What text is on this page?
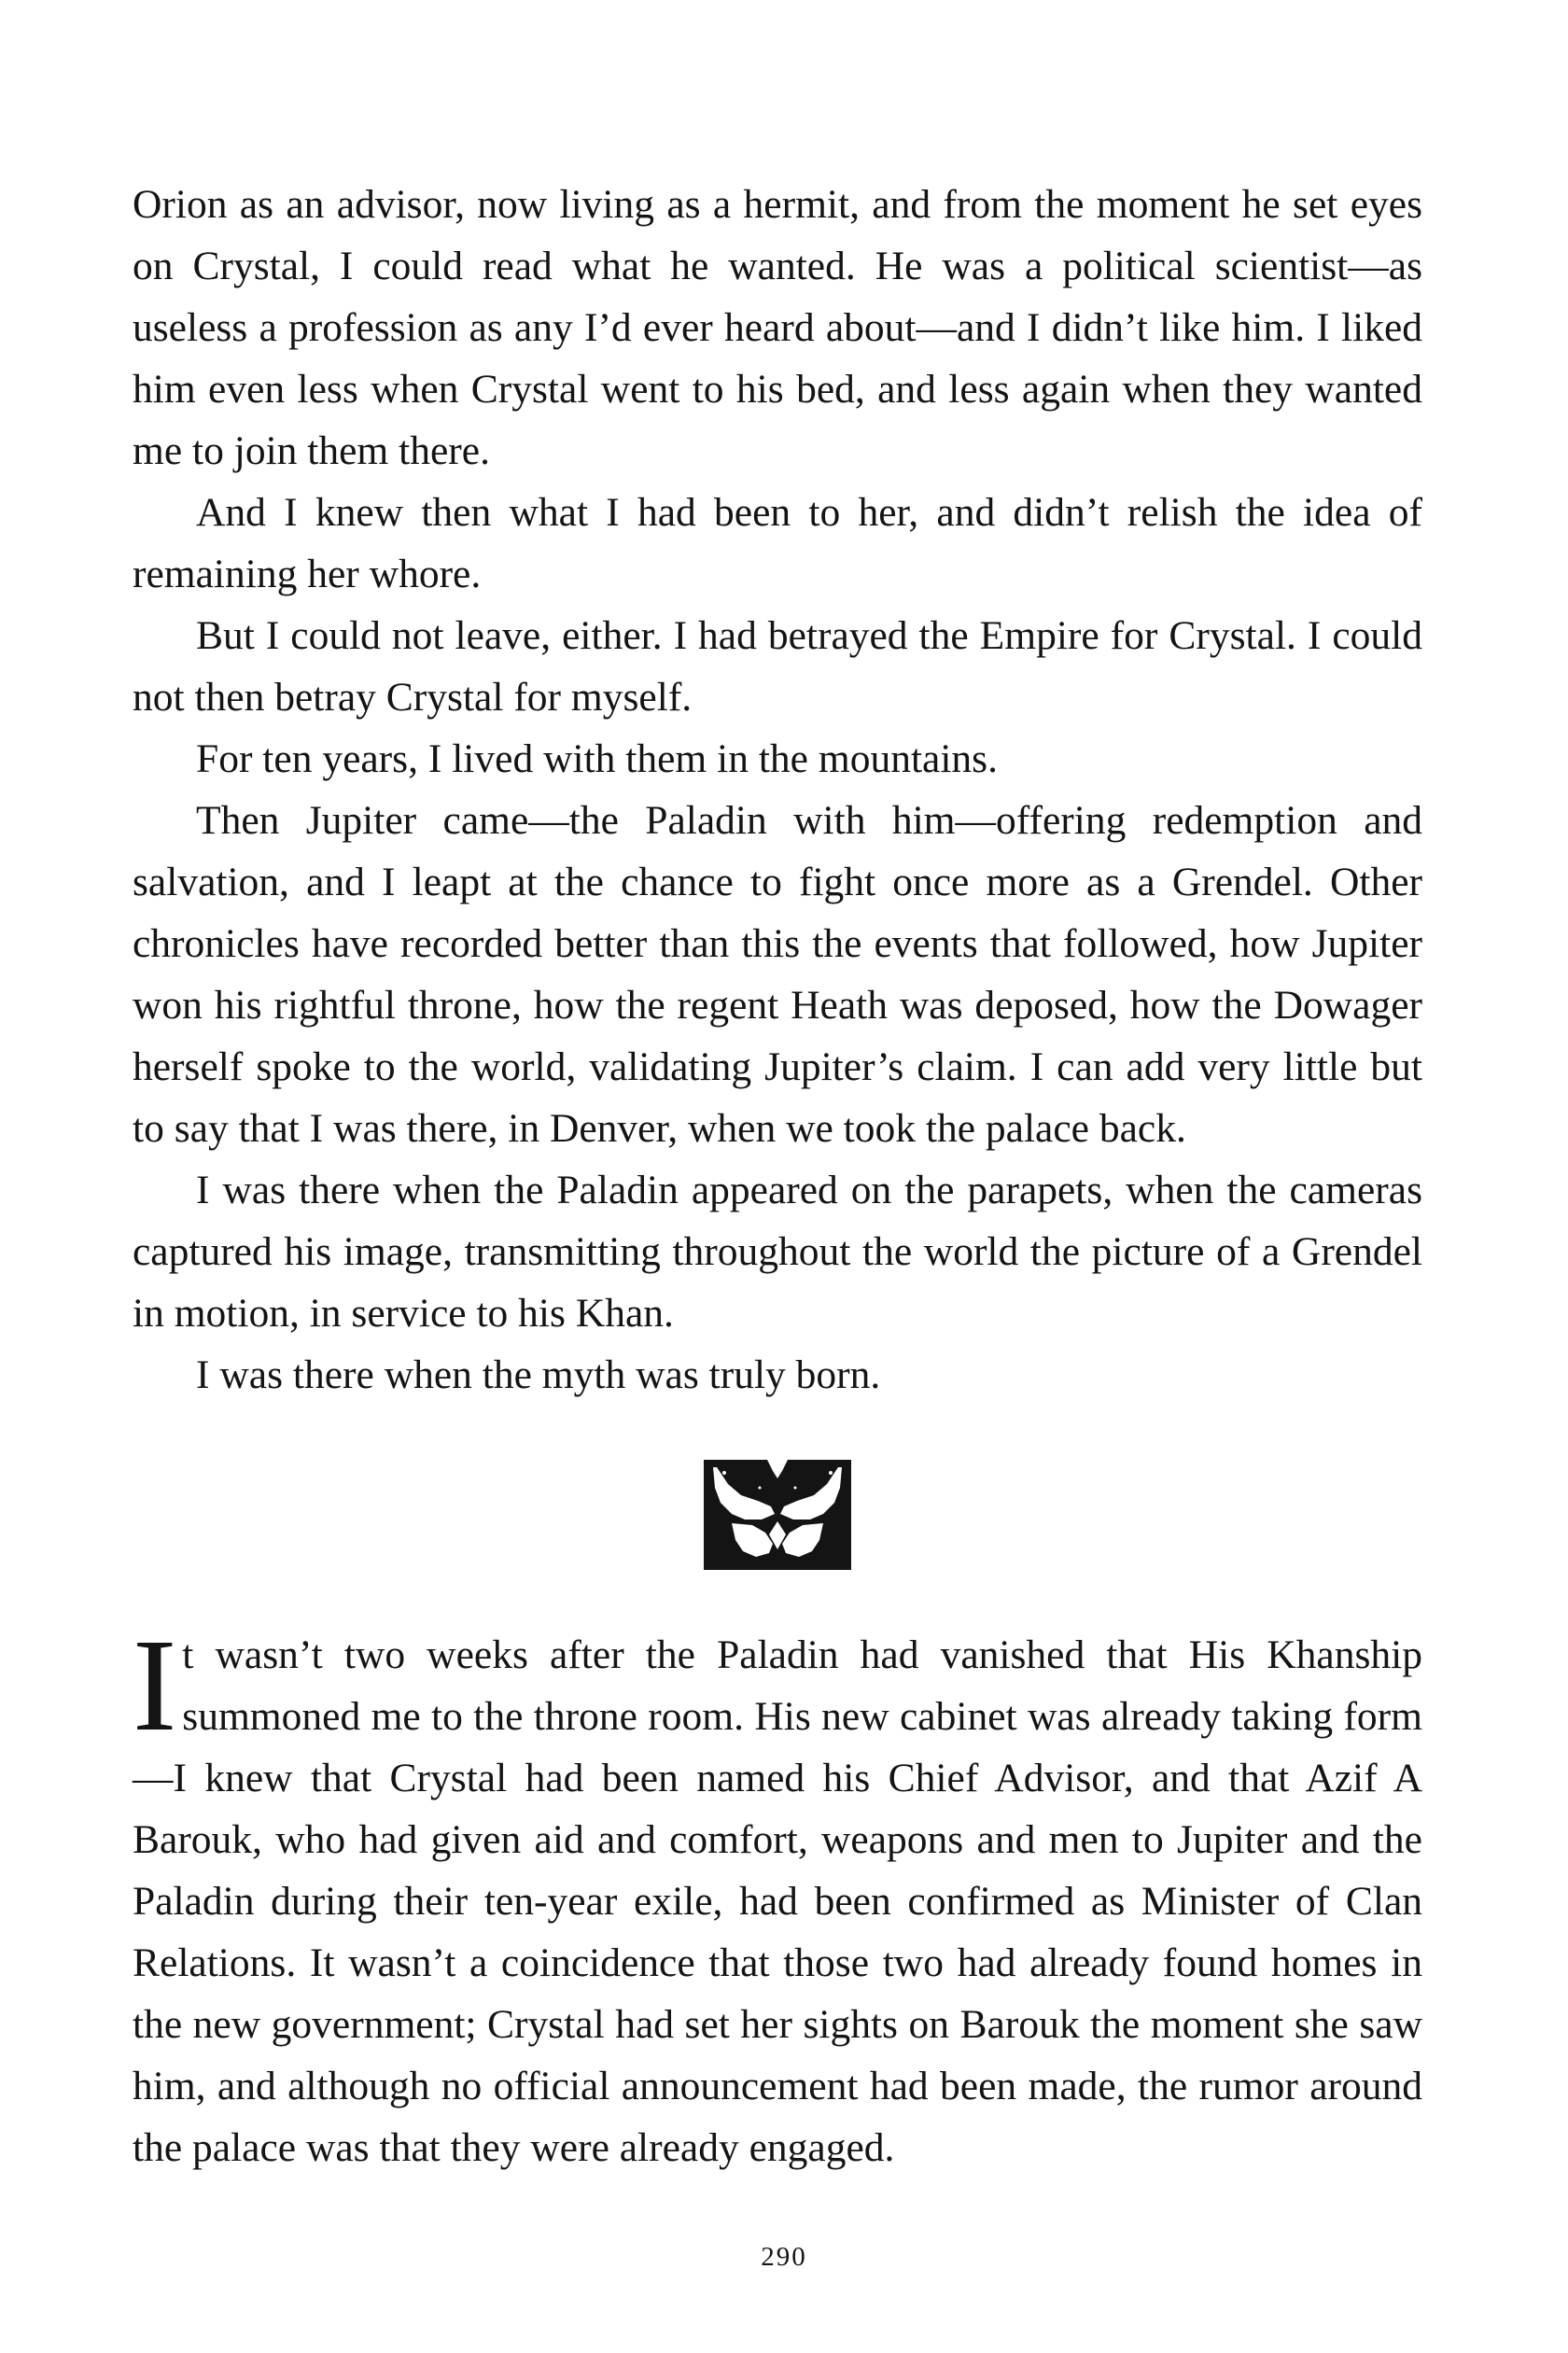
Orion as an advisor, now living as a hermit, and from the moment he set eyes on Crystal, I could read what he wanted. He was a political scientist—as useless a profession as any I’d ever heard about—and I didn’t like him. I liked him even less when Crystal went to his bed, and less again when they wanted me to join them there.

And I knew then what I had been to her, and didn’t relish the idea of remaining her whore.

But I could not leave, either. I had betrayed the Empire for Crystal. I could not then betray Crystal for myself.

For ten years, I lived with them in the mountains.

Then Jupiter came—the Paladin with him—offering redemption and salvation, and I leapt at the chance to fight once more as a Grendel. Other chronicles have recorded better than this the events that followed, how Jupiter won his rightful throne, how the regent Heath was deposed, how the Dowager herself spoke to the world, validating Jupiter’s claim. I can add very little but to say that I was there, in Denver, when we took the palace back.

I was there when the Paladin appeared on the parapets, when the cameras captured his image, transmitting throughout the world the picture of a Grendel in motion, in service to his Khan.

I was there when the myth was truly born.

It wasn’t two weeks after the Paladin had vanished that His Khanship summoned me to the throne room. His new cabinet was already taking form—I knew that Crystal had been named his Chief Advisor, and that Azif A Barouk, who had given aid and comfort, weapons and men to Jupiter and the Paladin during their ten-year exile, had been confirmed as Minister of Clan Relations. It wasn’t a coincidence that those two had already found homes in the new government; Crystal had set her sights on Barouk the moment she saw him, and although no official announcement had been made, the rumor around the palace was that they were already engaged.

290
